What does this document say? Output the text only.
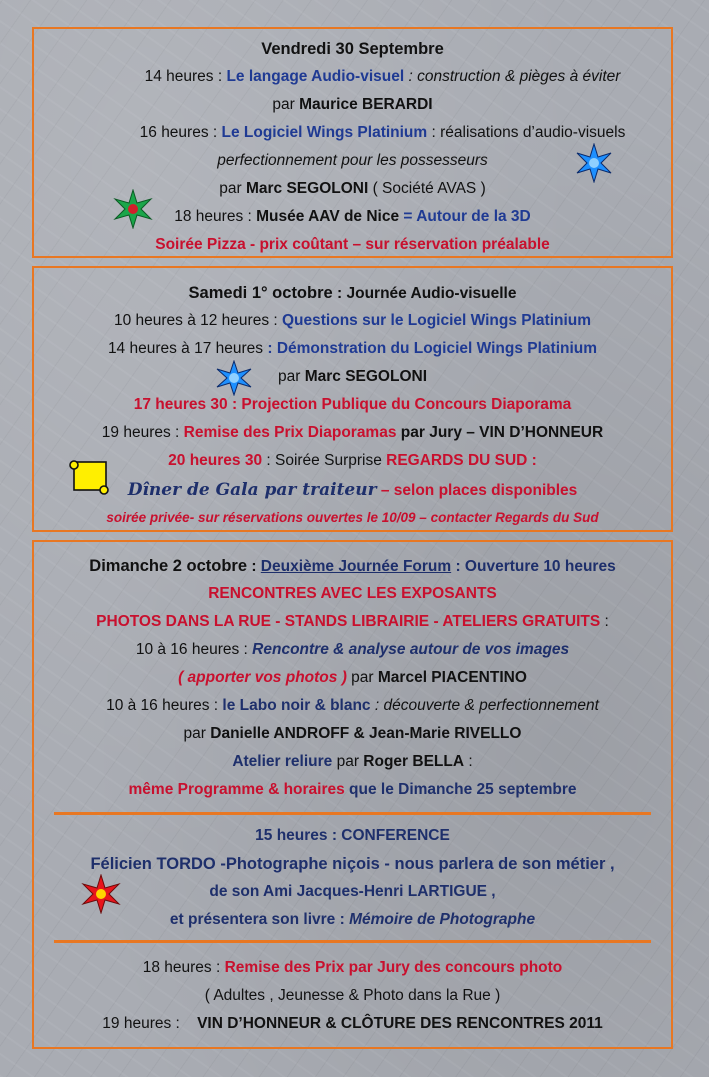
Vendredi 30 Septembre
14 heures : Le langage Audio-visuel : construction & pièges à éviter
par Maurice BERARDI
16 heures : Le Logiciel Wings Platinium : réalisations d’audio-visuels
perfectionnement pour les possesseurs
par Marc SEGOLONI ( Société AVAS )
18 heures : Musée AAV de Nice = Autour de la 3D
Soirée Pizza - prix coûtant – sur réservation préalable
Samedi 1° octobre : Journée Audio-visuelle
10 heures à 12 heures : Questions sur le Logiciel Wings Platinium
14 heures à 17 heures : Démonstration du Logiciel Wings Platinium
par Marc SEGOLONI
17 heures 30 : Projection Publique du Concours Diaporama
19 heures : Remise des Prix Diaporamas par Jury – VIN D’HONNEUR
20 heures 30 : Soirée Surprise REGARDS DU SUD :
Dîner de Gala par traiteur – selon places disponibles
soirée privée- sur réservations ouvertes le 10/09 – contacter Regards du Sud
Dimanche 2 octobre : Deuxième Journée Forum : Ouverture 10 heures
RENCONTRES AVEC LES EXPOSANTS
PHOTOS DANS LA RUE - STANDS LIBRAIRIE - ATELIERS GRATUITS :
10 à 16 heures : Rencontre & analyse autour de vos images
( apporter vos photos ) par Marcel PIACENTINO
10 à 16 heures : le Labo noir & blanc : découverte & perfectionnement
par Danielle ANDROFF & Jean-Marie RIVELLO
Atelier reliure par Roger BELLA :
même Programme & horaires que le Dimanche 25 septembre
15 heures : CONFERENCE
Félicien TORDO -Photographe niçois - nous parlera de son métier ,
de son Ami Jacques-Henri LARTIGUE ,
et présentera son livre : Mémoire de Photographe
18 heures : Remise des Prix par Jury des concours photo
( Adultes , Jeunesse & Photo dans la Rue )
19 heures :    VIN D’HONNEUR & CLÔTURE DES RENCONTRES 2011
